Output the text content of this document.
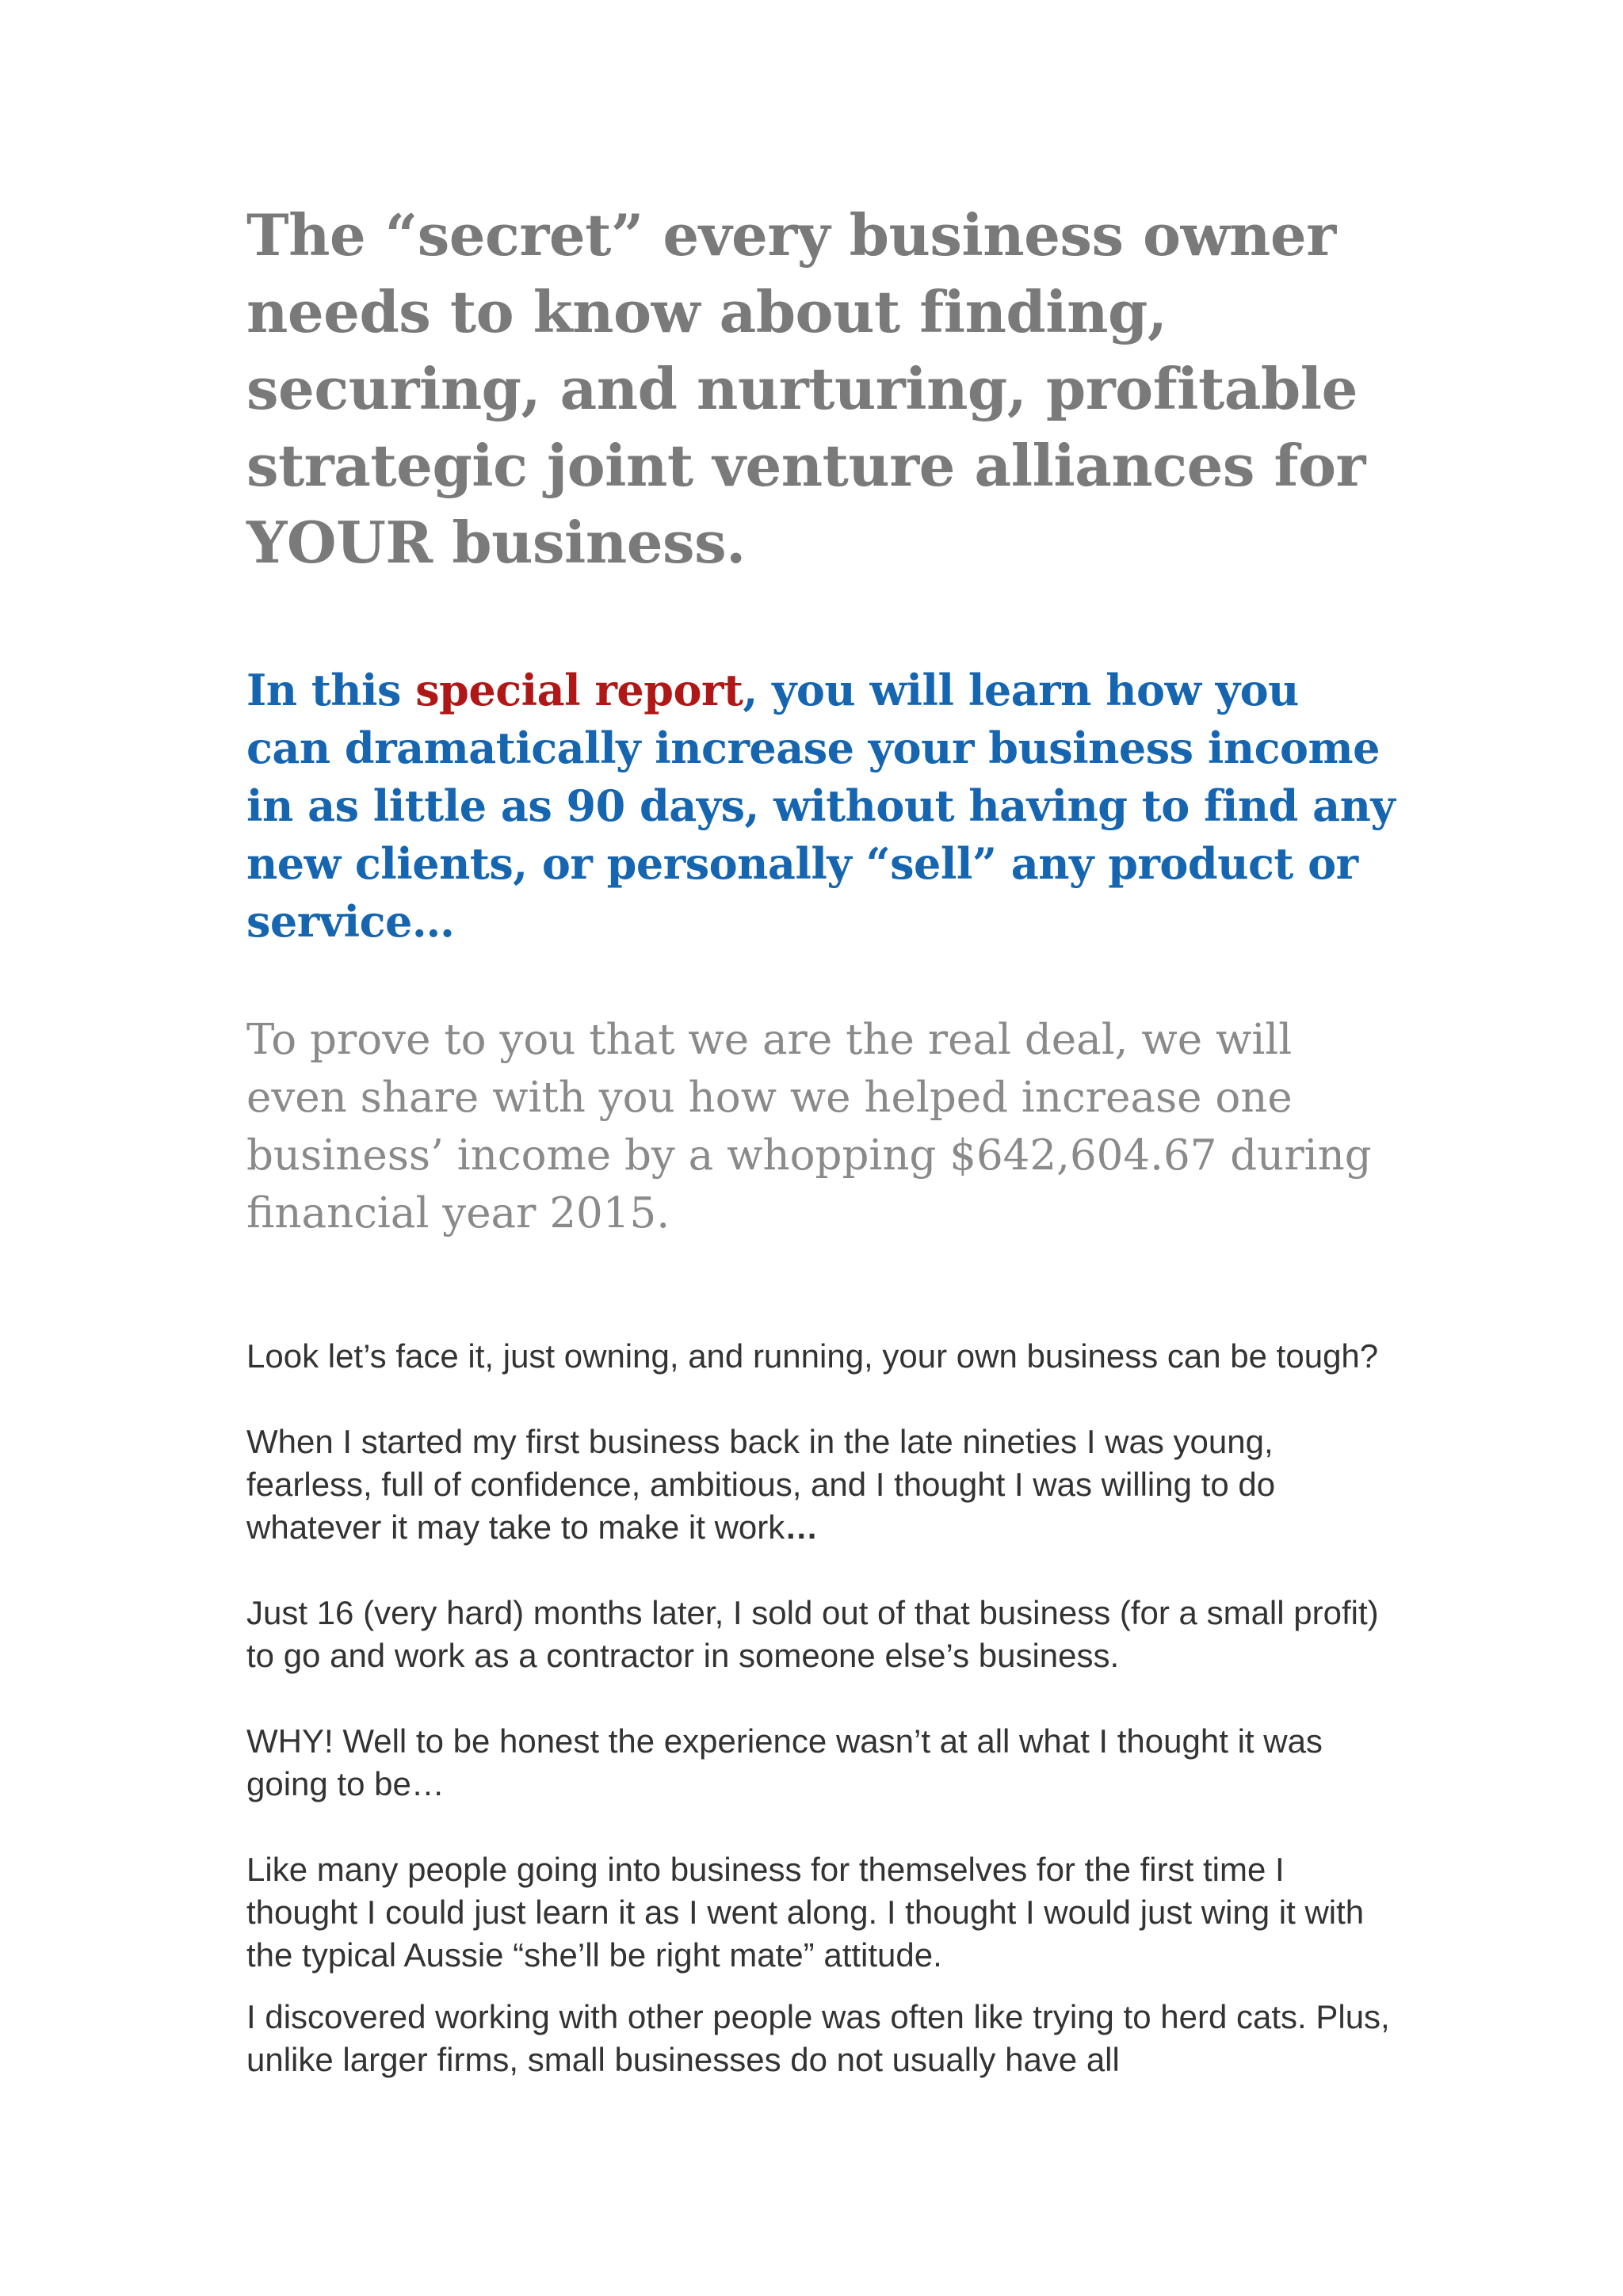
The “secret” every business owner needs to know about finding, securing, and nurturing, profitable strategic joint venture alliances for YOUR business.
In this special report, you will learn how you can dramatically increase your business income in as little as 90 days, without having to find any new clients, or personally “sell” any product or service…

To prove to you that we are the real deal, we will even share with you how we helped increase one business’ income by a whopping $642,604.67 during financial year 2015.

Look let’s face it, just owning, and running, your own business can be tough?

When I started my first business back in the late nineties I was young, fearless, full of confidence, ambitious, and I thought I was willing to do whatever it may take to make it work…

Just 16 (very hard) months later, I sold out of that business (for a small profit) to go and work as a contractor in someone else’s business.

WHY! Well to be honest the experience wasn’t at all what I thought it was going to be…

Like many people going into business for themselves for the first time I thought I could just learn it as I went along. I thought I would just wing it with the typical Aussie “she’ll be right mate” attitude.

I discovered working with other people was often like trying to herd cats. Plus, unlike larger firms, small businesses do not usually have all
